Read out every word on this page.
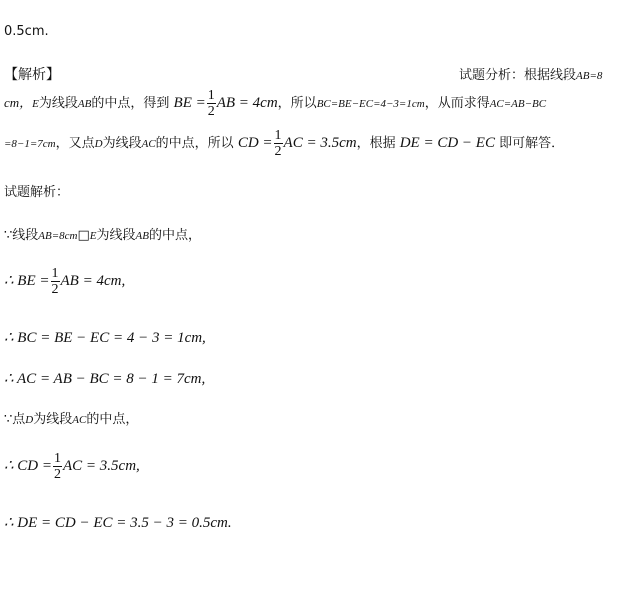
0.5cm.
【解析】	试题分析：根据线段AB=8
cm，E为线段AB的中点，得到 BE = $\frac{1}{2}$ AB = 4cm，所以BC=BE−EC=4−3=1cm，从而求得AC=AB−BC
=8−1=7cm，又点D为线段AC的中点，所以 CD = $\frac{1}{2}$ AC = 3.5cm，根据 DE = CD − EC 即可解答．
试题解析：
∵线段AB=8cm□E为线段AB的中点，
∴ BE = $\frac{1}{2}$ AB = 4cm,
∴ BC = BE − EC = 4 − 3 = 1cm,
∴ AC = AB − BC = 8 − 1 = 7cm,
∵点D为线段AC的中点，
∴ CD = $\frac{1}{2}$ AC = 3.5cm,
∴ DE = CD − EC = 3.5 − 3 = 0.5cm.
